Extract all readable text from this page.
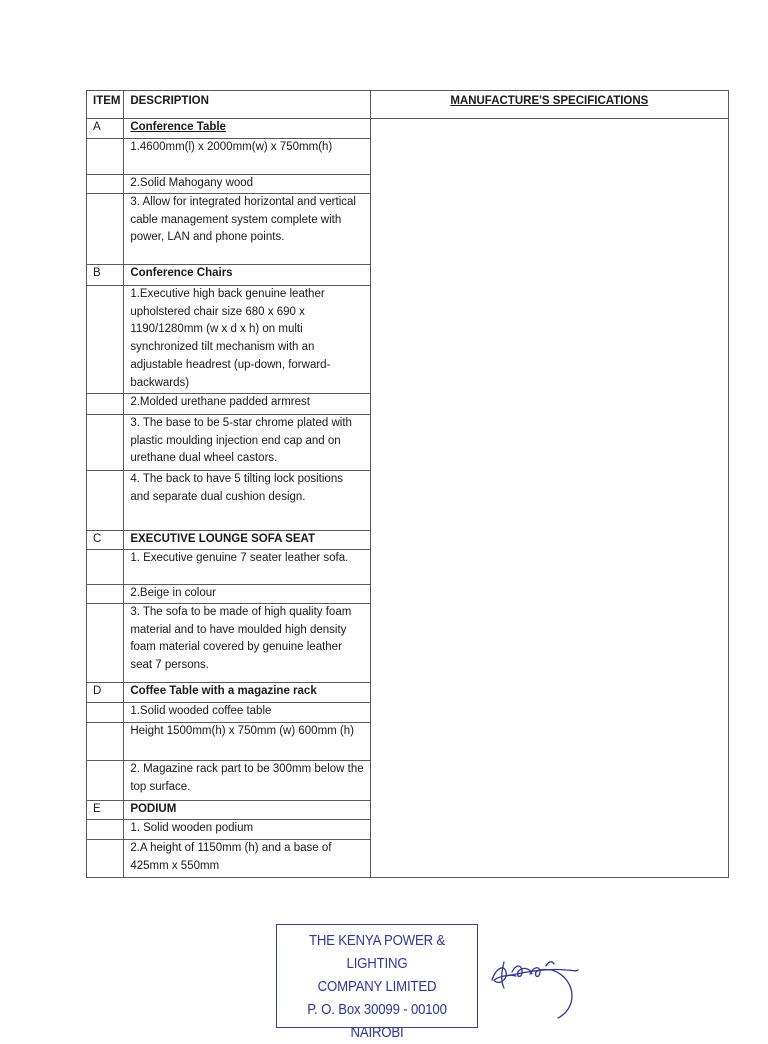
ITEM	DESCRIPTION	MANUFACTURE'S SPECIFICATIONS
A	Conference Table	
	1.4600mm(l) x 2000mm(w) x 750mm(h)	
	2.Solid Mahogany wood	
	3. Allow for integrated horizontal and vertical cable management system complete with power, LAN and phone points.	
B	Conference Chairs	
	1.Executive high back genuine leather upholstered chair size 680 x 690 x 1190/1280mm (w x d x h) on multi synchronized tilt mechanism with an adjustable headrest (up-down, forward-backwards)	
	2.Molded urethane padded armrest	
	3. The base to be 5-star chrome plated with plastic moulding injection end cap and on urethane dual wheel castors.	
	4. The back to have 5 tilting lock positions and separate dual cushion design.	
C	EXECUTIVE LOUNGE SOFA SEAT	
	1. Executive genuine 7 seater leather sofa.	
	2.Beige in colour	
	3. The sofa to be made of high quality foam material and to have moulded high density foam material covered by genuine leather seat 7 persons.	
D	Coffee Table with a magazine rack	
	1.Solid wooded coffee table	
	Height 1500mm(h) x 750mm (w) 600mm (h)	
	2. Magazine rack part to be 300mm below the top surface.	
E	PODIUM	
	1. Solid wooden podium	
	2.A height of 1150mm (h) and a base of 425mm x 550mm	
THE KENYA POWER & LIGHTING
COMPANY LIMITED
P. O. Box 30099 - 00100
NAIROBI
